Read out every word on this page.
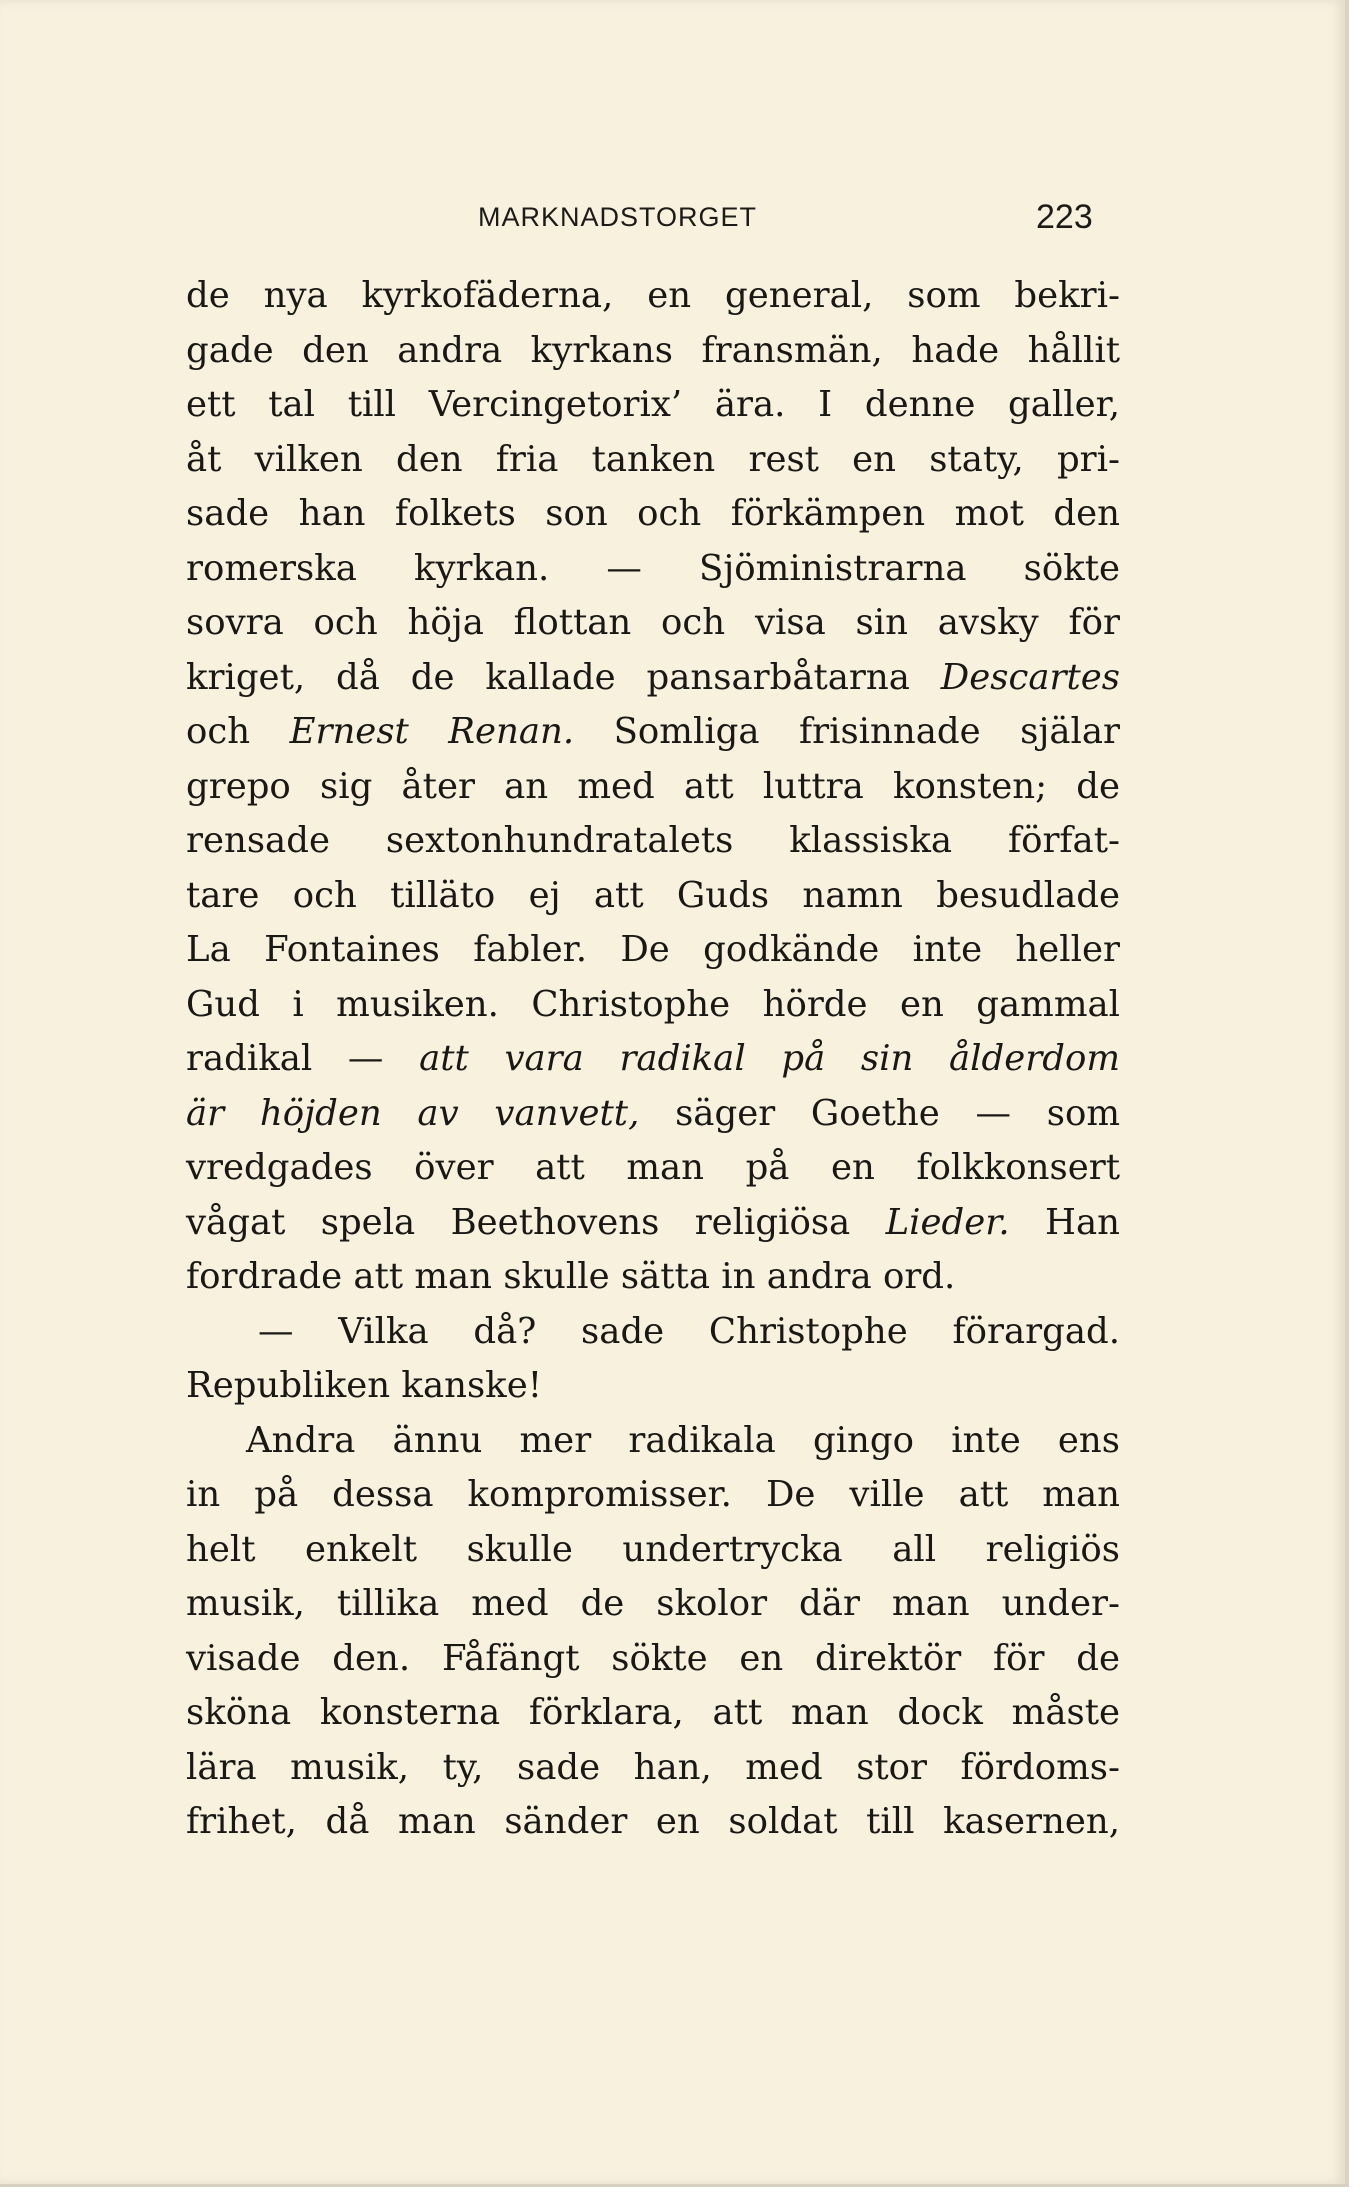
MARKNADSTORGET	223
de nya kyrkofäderna, en general, som bekri-
gade den andra kyrkans fransmän, hade hållit
ett tal till Vercingetorix’ ära. I denne galler,
åt vilken den fria tanken rest en staty, pri-
sade han folkets son och förkämpen mot den
romerska kyrkan. — Sjöministrarna sökte
sovra och höja flottan och visa sin avsky för
kriget, då de kallade pansarbåtarna Descartes
och Ernest Renan. Somliga frisinnade själar
grepo sig åter an med att luttra konsten; de
rensade sextonhundratalets klassiska förfat-
tare och tilläto ej att Guds namn besudlade
La Fontaines fabler. De godkände inte heller
Gud i musiken. Christophe hörde en gammal
radikal — att vara radikal på sin ålderdom
är höjden av vanvett, säger Goethe — som
vredgades över att man på en folkkonsert
vågat spela Beethovens religiösa Lieder. Han
fordrade att man skulle sätta in andra ord.
— Vilka då? sade Christophe förargad.
Republiken kanske!
Andra ännu mer radikala gingo inte ens
in på dessa kompromisser. De ville att man
helt enkelt skulle undertrycka all religiös
musik, tillika med de skolor där man under-
visade den. Fåfängt sökte en direktör för de
sköna konsterna förklara, att man dock måste
lära musik, ty, sade han, med stor fördoms-
frihet, då man sänder en soldat till kasernen,
